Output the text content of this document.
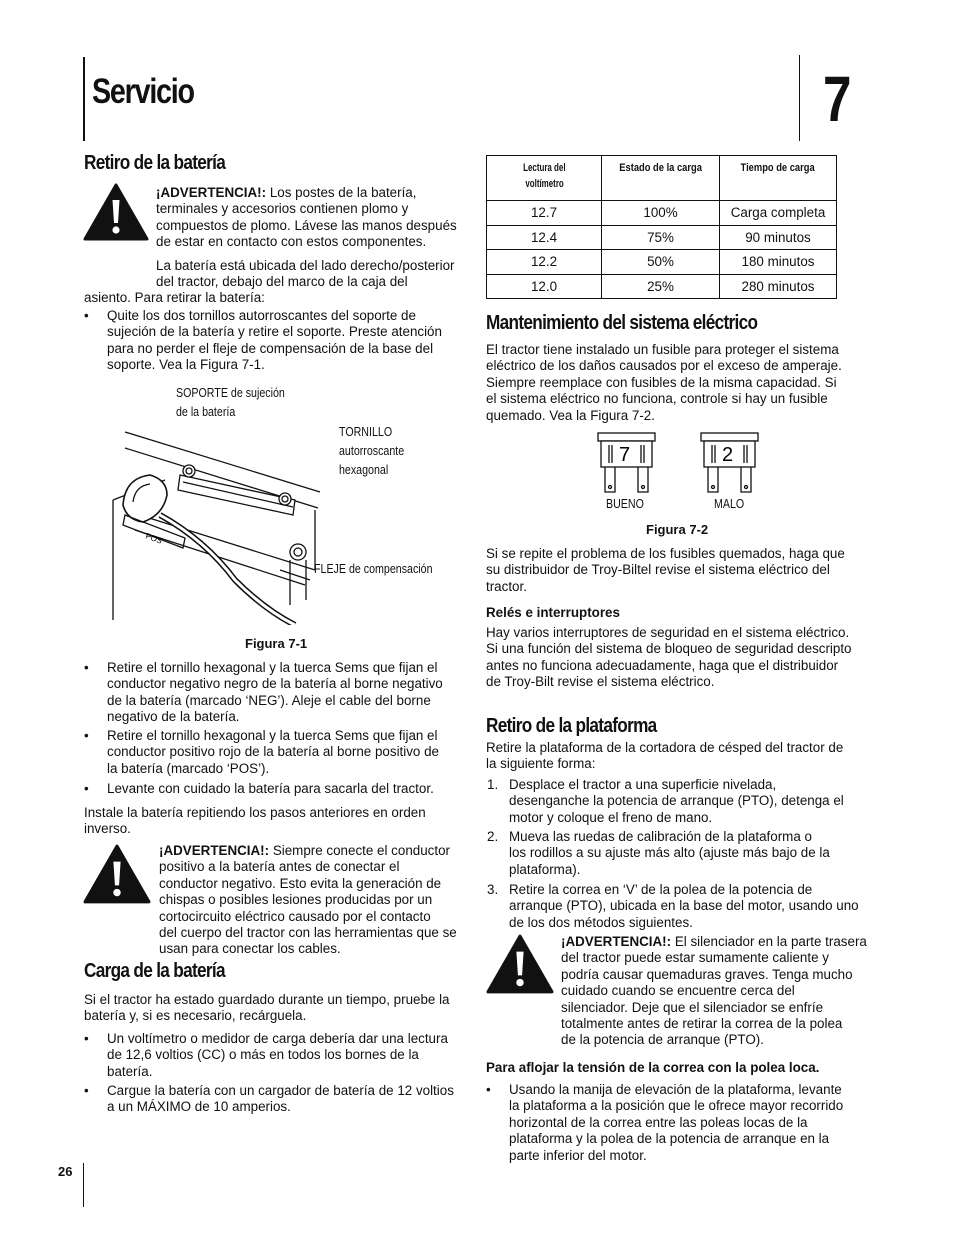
Servicio	7
Retiro de la batería
¡ADVERTENCIA!: Los postes de la batería,
terminales y accesorios contienen plomo y
compuestos de plomo. Lávese las manos después
de estar en contacto con estos componentes.
La batería está ubicada del lado derecho/posterior
del tractor, debajo del marco de la caja del
asiento. Para retirar la batería:
• Quite los dos tornillos autorroscantes del soporte de
sujeción de la batería y retire el soporte. Preste atención
para no perder el fleje de compensación de la base del
soporte. Vea la Figura 7-1.
SOPORTE de sujeción
de la batería
TORNILLO
autorroscante
hexagonal
FLEJE de compensación
POS
Figura 7-1
• Retire el tornillo hexagonal y la tuerca Sems que fijan el
conductor negativo negro de la batería al borne negativo
de la batería (marcado ‘NEG’). Aleje el cable del borne
negativo de la batería.
• Retire el tornillo hexagonal y la tuerca Sems que fijan el
conductor positivo rojo de la batería al borne positivo de
la batería (marcado ‘POS’).
• Levante con cuidado la batería para sacarla del tractor.
Instale la batería repitiendo los pasos anteriores en orden
inverso.
¡ADVERTENCIA!: Siempre conecte el conductor
positivo a la batería antes de conectar el
conductor negativo. Esto evita la generación de
chispas o posibles lesiones producidas por un
cortocircuito eléctrico causado por el contacto
del cuerpo del tractor con las herramientas que se
usan para conectar los cables.
Carga de la batería
Si el tractor ha estado guardado durante un tiempo, pruebe la
batería y, si es necesario, recárguela.
• Un voltímetro o medidor de carga debería dar una lectura
de 12,6 voltios (CC) o más en todos los bornes de la
batería.
• Cargue la batería con un cargador de batería de 12 voltios
a un MÁXIMO de 10 amperios.
26
Lectura del
voltímetro	Estado de la carga	Tiempo de carga
12.7	100%	Carga completa
12.4	75%	90 minutos
12.2	50%	180 minutos
12.0	25%	280 minutos
Mantenimiento del sistema eléctrico
El tractor tiene instalado un fusible para proteger el sistema
eléctrico de los daños causados por el exceso de amperaje.
Siempre reemplace con fusibles de la misma capacidad. Si
el sistema eléctrico no funciona, controle si hay un fusible
quemado. Vea la Figura 7-2.
7	2
BUENO	MALO
Figura 7-2
Si se repite el problema de los fusibles quemados, haga que
su distribuidor de Troy-Biltel revise el sistema eléctrico del
tractor.
Relés e interruptores
Hay varios interruptores de seguridad en el sistema eléctrico.
Si una función del sistema de bloqueo de seguridad descripto
antes no funciona adecuadamente, haga que el distribuidor
de Troy-Bilt revise el sistema eléctrico.
Retiro de la plataforma
Retire la plataforma de la cortadora de césped del tractor de
la siguiente forma:
1. Desplace el tractor a una superficie nivelada,
desenganche la potencia de arranque (PTO), detenga el
motor y coloque el freno de mano.
2. Mueva las ruedas de calibración de la plataforma o
los rodillos a su ajuste más alto (ajuste más bajo de la
plataforma).
3. Retire la correa en ‘V’ de la polea de la potencia de
arranque (PTO), ubicada en la base del motor, usando uno
de los dos métodos siguientes.
¡ADVERTENCIA!: El silenciador en la parte trasera
del tractor puede estar sumamente caliente y
podría causar quemaduras graves. Tenga mucho
cuidado cuando se encuentre cerca del
silenciador. Deje que el silenciador se enfríe
totalmente antes de retirar la correa de la polea
de la potencia de arranque (PTO).
Para aflojar la tensión de la correa con la polea loca.
• Usando la manija de elevación de la plataforma, levante
la plataforma a la posición que le ofrece mayor recorrido
horizontal de la correa entre las poleas locas de la
plataforma y la polea de la potencia de arranque en la
parte inferior del motor.
